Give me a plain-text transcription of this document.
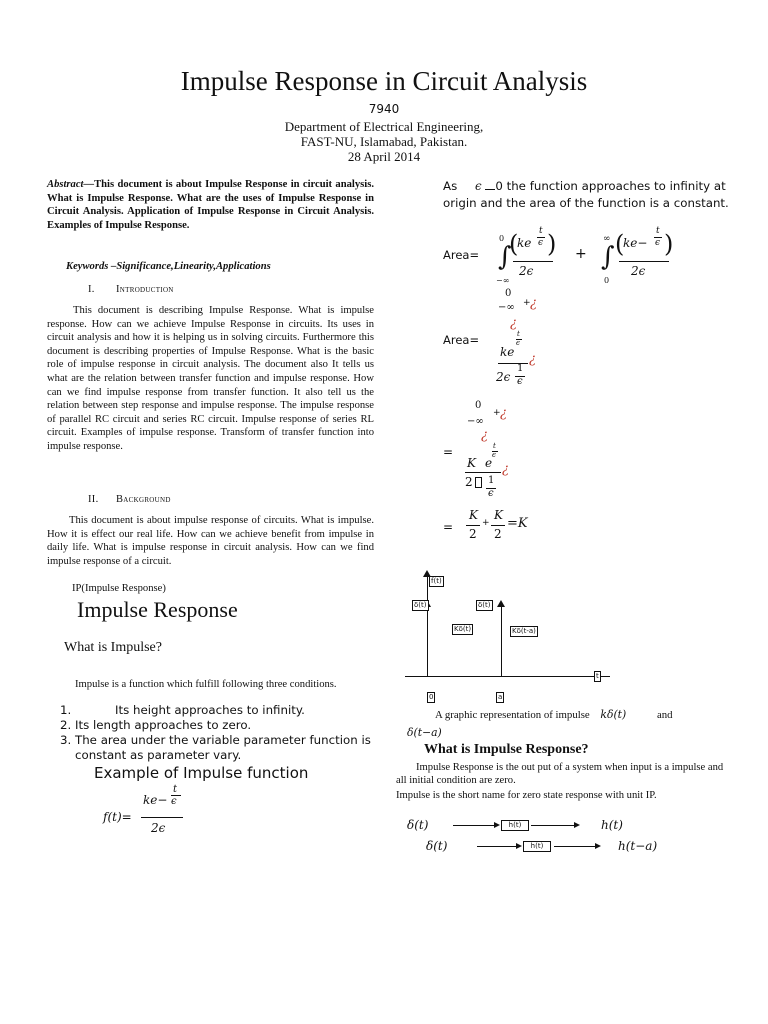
Impulse Response in Circuit Analysis
7940
Department of Electrical Engineering,
FAST-NU, Islamabad, Pakistan.
28 April 2014
Abstract—This document is about Impulse Response in circuit analysis. What is Impulse Response. What are the uses of Impulse Response in Circuit Analysis. Application of Impulse Response in Circuit Analysis. Examples of Impulse Response.
Keywords –Significance,Linearity,Applications
I. Introduction
This document is describing Impulse Response. What is impulse response. How can we achieve Impulse Response in circuits. Its uses in circuit analysis and how it is helping us in solving circuits. Furthermore this document is describing properties of Impulse Response. What is the basic role of impulse response in circuit analysis. The document also It tells us what are the relation between transfer function and impulse response. How can we find impulse response from transfer function. It also tell us the relation between step response and impulse response. The impulse response of parallel RC circuit and series RC circuit. Impulse response of series RL circuit. Examples of impulse response. Transform of transfer function into impulse response.
II. Background
This document is about impulse response of circuits. What is impulse. How it is effect our real life. How can we achieve benefit from impulse in daily life. What is impulse response in circuit analysis. How can we find impulse response of a circuit.
IP(Impulse Response)
Impulse Response
What is Impulse?
Impulse is a function which fulfill following three conditions.
1. Its height approaches to infinity.
2. Its length approaches to zero.
3. The area under the variable parameter function is constant as parameter vary.
Example of Impulse function
f(t)=
ke−
t
ϵ
2ϵ
As ϵ 0 the function approaches to infinity at origin and the area of the function is a constant.
Area= ∫
0
−∞
(
ke
t
ϵ )
2ϵ
+ ∫
∞
0
(
ke−
t
ϵ )
2ϵ
0
−∞ + ¿
¿
Area=	t
ϵ
ke ¿
2ϵ
1
ϵ
0
−∞
+ ¿
¿
=	t
ϵ
K e ¿
2 1
ϵ
=
K
2
+
K
2
=K
f(t)
δ(t)	δ(t)
Kδ(t)	Kδ(t-a)
t
0	a
A graphic representation of impulse kδ(t)	and
δ(t−a)
What is Impulse Response?
Impulse Response is the out put of a system when input is a impulse and all initial condition are zero.
Impulse is the short name for zero state response with unit IP.
δ(t)	h(t)	h(t)
δ(t)	h(t)	h(t−a)
